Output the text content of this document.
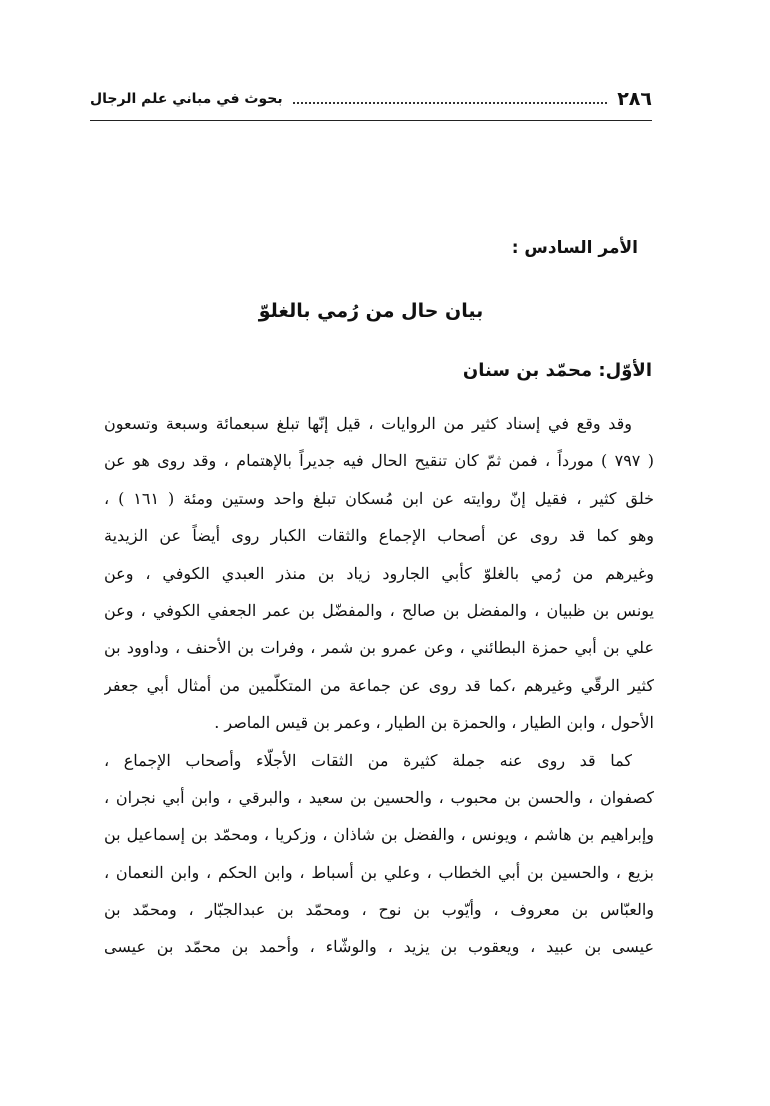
٢٨٦
بحوث في مباني علم الرجال
الأمر السادس :
بيان حال من رُمي بالغلوّ
الأوّل: محمّد بن سنان
وقد وقع في إسناد كثير من الروايات ، قيل إنّها تبلغ سبعمائة وسبعة وتسعون
( ٧٩٧ ) مورداً ، فمن ثمّ كان تنقيح الحال فيه جديراً بالإهتمام ، وقد روى هو عن
خلق كثير ، فقيل إنّ روايته عن ابن مُسكان تبلغ واحد وستين ومئة ( ١٦١ ) ،
وهو كما قد روى عن أصحاب الإجماع والثقات الكبار روى أيضاً عن الزيدية
وغيرهم من رُمي بالغلوّ كأبي الجارود زياد بن منذر العبدي الكوفي ، وعن
يونس بن ظبيان ، والمفضل بن صالح ، والمفضّل بن عمر الجعفي الكوفي ، وعن
علي بن أبي حمزة البطائني ، وعن عمرو بن شمر ، وفرات بن الأحنف ، وداوود بن
كثير الرقّي وغيرهم ،كما قد روى عن جماعة من المتكلّمين من أمثال أبي جعفر
الأحول ، وابن الطيار ، والحمزة بن الطيار ، وعمر بن قيس الماصر .
كما قد روى عنه جملة كثيرة من الثقات الأجلّاء وأصحاب الإجماع ،
كصفوان ، والحسن بن محبوب ، والحسين بن سعيد ، والبرقي ، وابن أبي نجران ،
وإبراهيم بن هاشم ، ويونس ، والفضل بن شاذان ، وزكريا ، ومحمّد بن إسماعيل بن
بزيع ، والحسين بن أبي الخطاب ، وعلي بن أسباط ، وابن الحكم ، وابن النعمان ،
والعبّاس بن معروف ، وأيّوب بن نوح ، ومحمّد بن عبدالجبّار ، ومحمّد بن
عيسى بن عبيد ، ويعقوب بن يزيد ، والوشّاء ، وأحمد بن محمّد بن عيسى
